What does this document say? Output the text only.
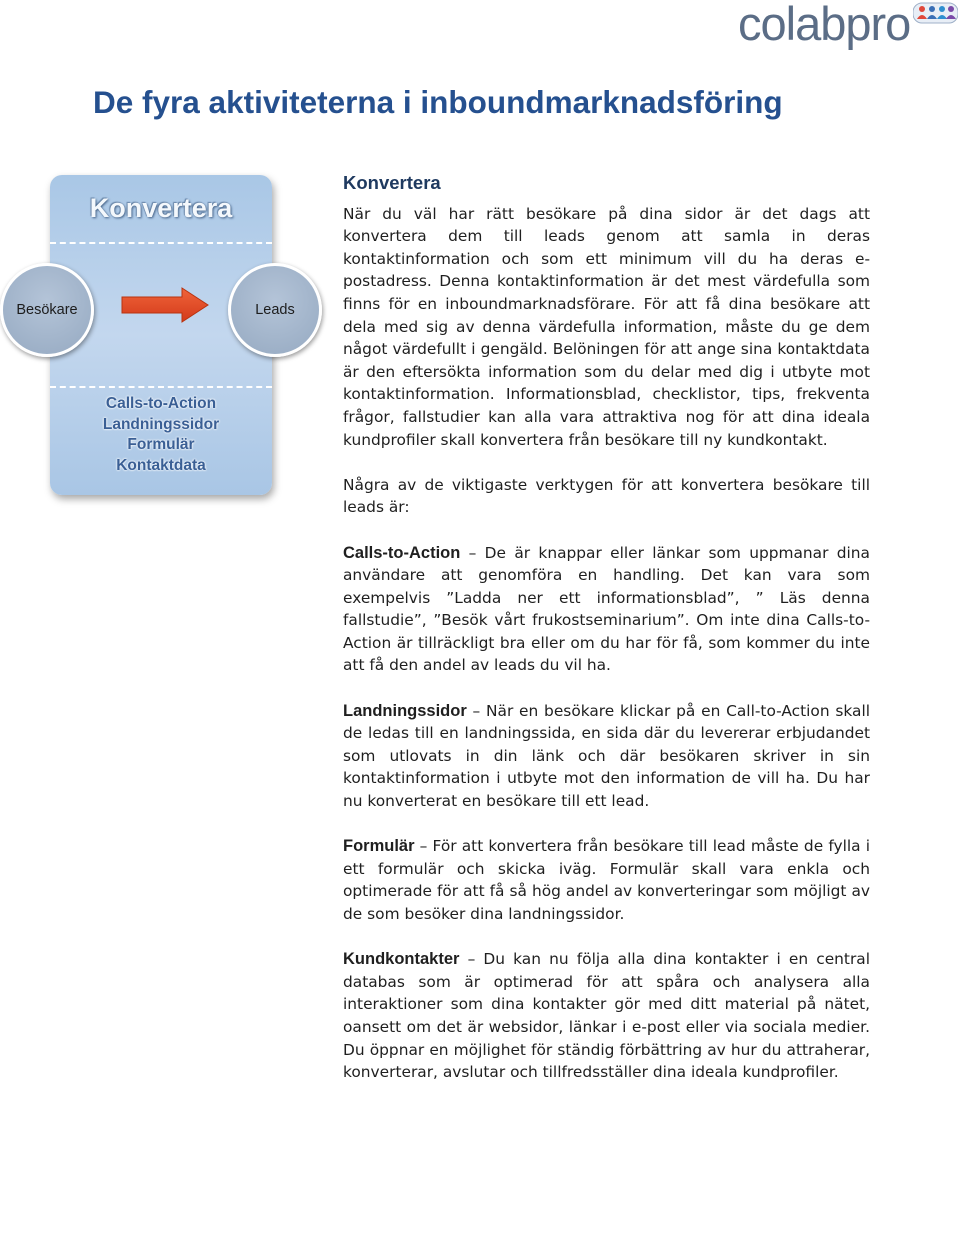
colabpro
De fyra aktiviteterna i inboundmarknadsföring
Konvertera
Calls-to-Action
Landningssidor
Formulär
Kontaktdata
Besökare	Leads
Konvertera

När du väl har rätt besökare på dina sidor är det dags att konvertera dem till leads genom att samla in deras kontaktinformation och som ett minimum vill du ha deras e-postadress. Denna kontaktinformation är det mest värdefulla som finns för en inboundmarknadsförare. För att få dina besökare att dela med sig av denna värdefulla information, måste du ge dem något värdefullt i gengäld. Belöningen för att ange sina kontaktdata är den eftersökta information som du delar med dig i utbyte mot kontaktinformation. Informationsblad, checklistor, tips, frekventa frågor, fallstudier kan alla vara attraktiva nog för att dina ideala kundprofiler skall konvertera från besökare till ny kundkontakt.

Några av de viktigaste verktygen för att konvertera besökare till leads är:

Calls-to-Action – De är knappar eller länkar som uppmanar dina användare att genomföra en handling. Det kan vara som exempelvis ”Ladda ner ett informationsblad”, ” Läs denna fallstudie”, ”Besök vårt frukostseminarium”. Om inte dina Calls-to-Action är tillräckligt bra eller om du har för få, som kommer du inte att få den andel av leads du vil ha.

Landningssidor – När en besökare klickar på en Call-to-Action skall de ledas till en landningssida, en sida där du levererar erbjudandet som utlovats in din länk och där besökaren skriver in sin kontaktinformation i utbyte mot den information de vill ha. Du har nu konverterat en besökare till ett lead.

Formulär – För att konvertera från besökare till lead måste de fylla i ett formulär och skicka iväg. Formulär skall vara enkla och optimerade för att få så hög andel av konverteringar som möjligt av de som besöker dina landningssidor.

Kundkontakter – Du kan nu följa alla dina kontakter i en central databas som är optimerad för att spåra och analysera alla interaktioner som dina kontakter gör med ditt material på nätet, oansett om det är websidor, länkar i e-post eller via sociala medier. Du öppnar en möjlighet för ständig förbättring av hur du attraherar, konverterar, avslutar och tillfredsställer dina ideala kundprofiler.
